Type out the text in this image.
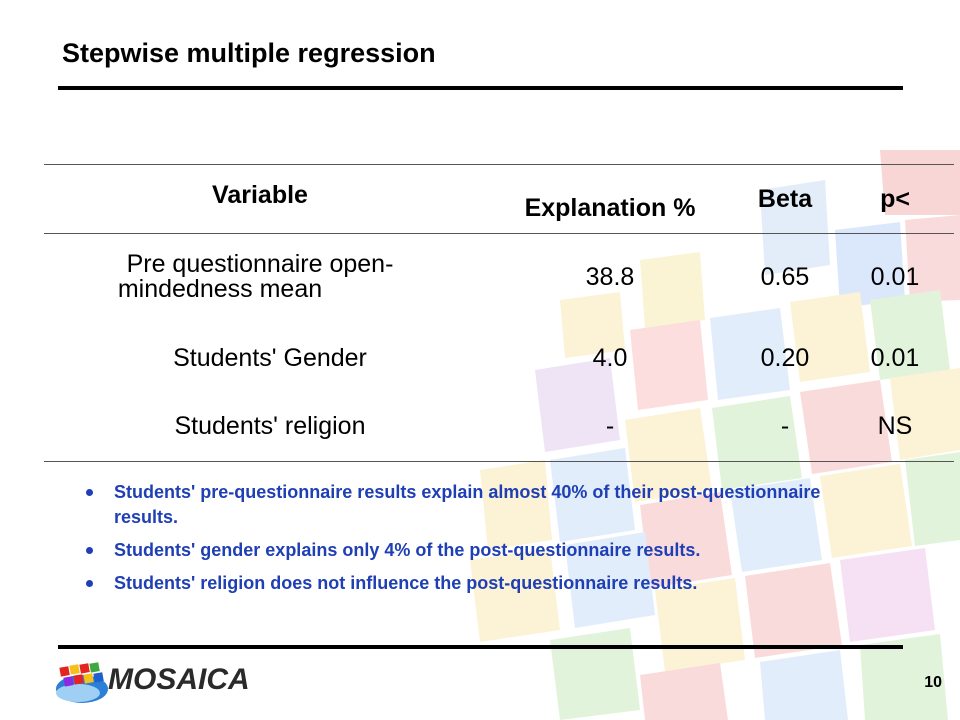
Stepwise multiple regression
Variable	Explanation %	Beta	p<
Pre questionnaire open-
mindedness mean	38.8	0.65	0.01
Students' Gender	4.0	0.20	0.01
Students' religion	-	-	NS
Students' pre-questionnaire results explain almost 40% of their post-questionnaire results.
Students' gender explains only 4% of the post-questionnaire results.
Students' religion does not influence the post-questionnaire results.
MOSAICA	10
